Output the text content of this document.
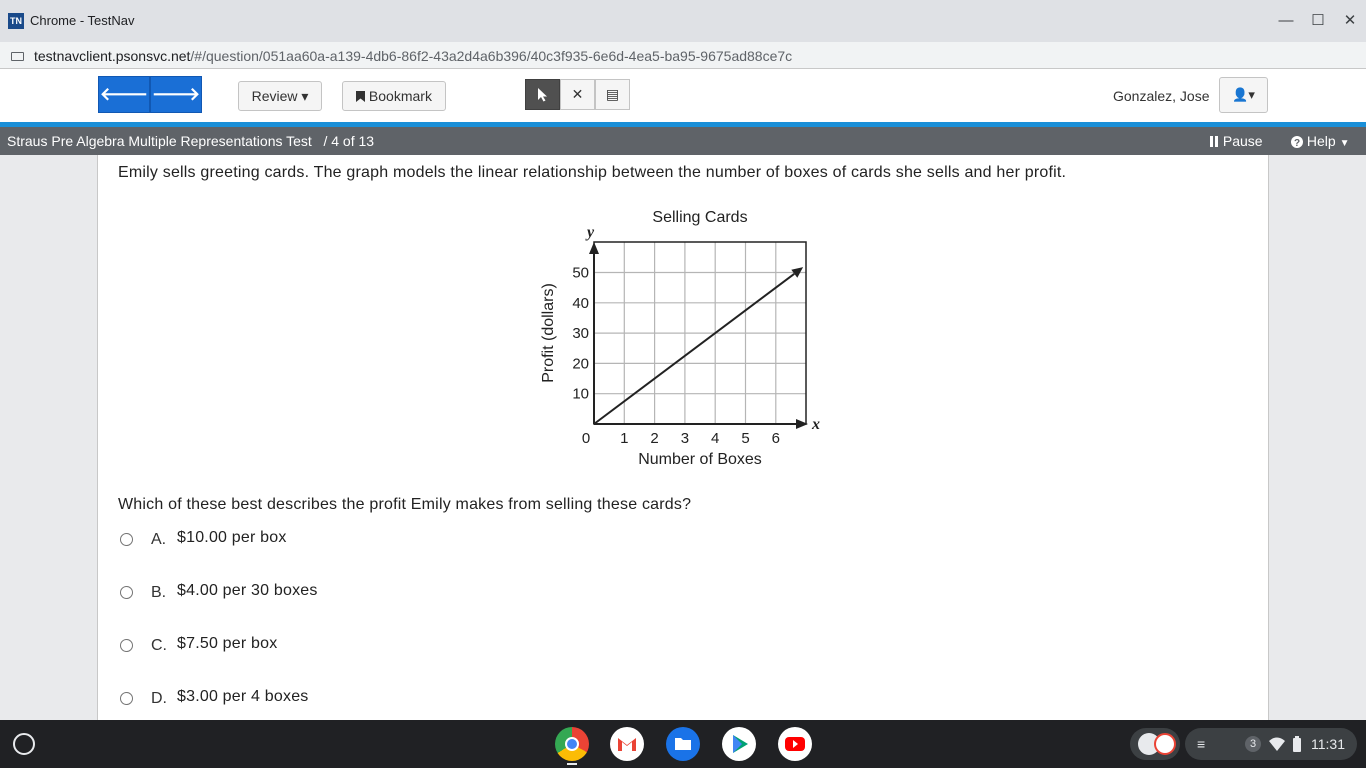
TN Chrome - TestNav	— ☐ ✕
testnavclient.psonsvc.net/#/question/051aa60a-a139-4db6-86f2-43a2d4a6b396/40c3f935-6e6d-4ea5-ba95-9675ad88ce7c
🡐 🡒	Review ▾	Bookmark	✕	▤	Gonzalez, Jose	👤▾
Straus Pre Algebra Multiple Representations Test / 4 of 13	Pause	? Help ▼
Emily sells greeting cards. The graph models the linear relationship between the number of boxes of cards she sells and her profit.
Selling Cards
x
y
0 1 2 3 4 5 6
10
20
30
40
50
Number of Boxes
Profit (dollars)
Which of these best describes the profit Emily makes from selling these cards?
A. $10.00 per box
B. $4.00 per 30 boxes
C. $7.50 per box
D. $3.00 per 4 boxes
≡	3	11:31
